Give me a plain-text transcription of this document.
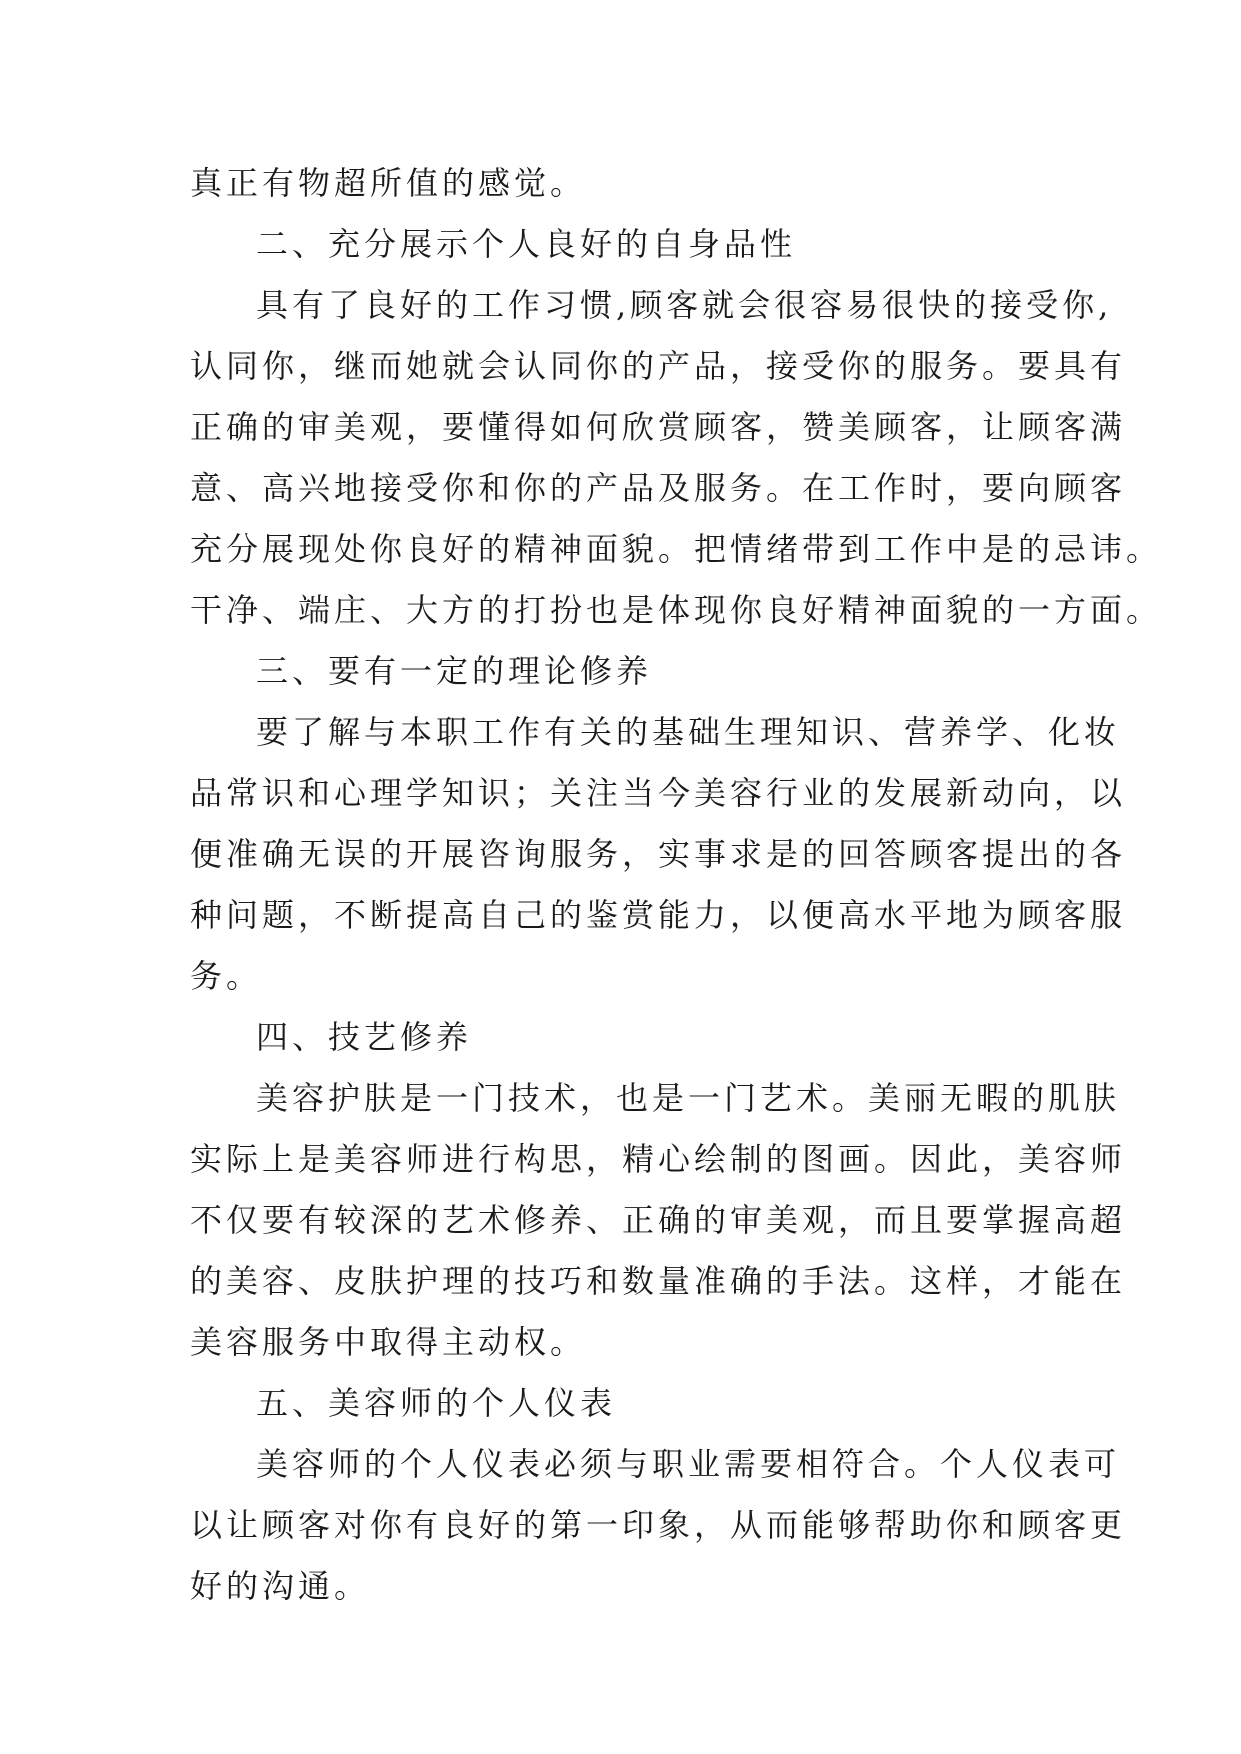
真正有物超所值的感觉。
二、充分展示个人良好的自身品性
具有了良好的工作习惯,顾客就会很容易很快的接受你,
认同你，继而她就会认同你的产品，接受你的服务。要具有
正确的审美观，要懂得如何欣赏顾客，赞美顾客，让顾客满
意、高兴地接受你和你的产品及服务。在工作时，要向顾客
充分展现处你良好的精神面貌。把情绪带到工作中是的忌讳。
干净、端庄、大方的打扮也是体现你良好精神面貌的一方面。
三、要有一定的理论修养
要了解与本职工作有关的基础生理知识、营养学、化妆
品常识和心理学知识；关注当今美容行业的发展新动向，以
便准确无误的开展咨询服务，实事求是的回答顾客提出的各
种问题，不断提高自己的鉴赏能力，以便高水平地为顾客服
务。
四、技艺修养
美容护肤是一门技术，也是一门艺术。美丽无暇的肌肤
实际上是美容师进行构思，精心绘制的图画。因此，美容师
不仅要有较深的艺术修养、正确的审美观，而且要掌握高超
的美容、皮肤护理的技巧和数量准确的手法。这样，才能在
美容服务中取得主动权。
五、美容师的个人仪表
美容师的个人仪表必须与职业需要相符合。个人仪表可
以让顾客对你有良好的第一印象，从而能够帮助你和顾客更
好的沟通。
